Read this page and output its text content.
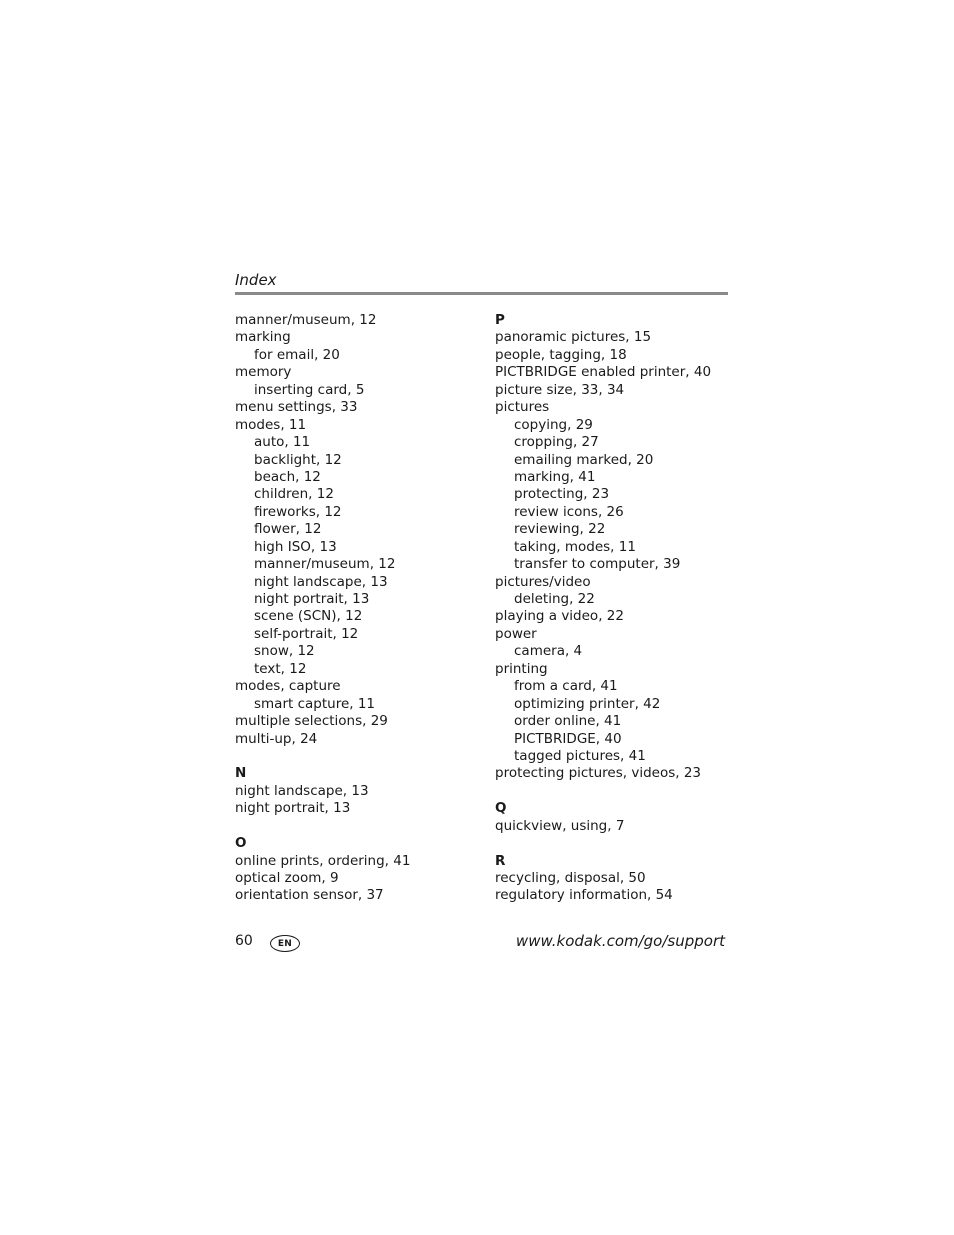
Index
manner/museum, 12
marking
for email, 20
memory
inserting card, 5
menu settings, 33
modes, 11
auto, 11
backlight, 12
beach, 12
children, 12
fireworks, 12
flower, 12
high ISO, 13
manner/museum, 12
night landscape, 13
night portrait, 13
scene (SCN), 12
self-portrait, 12
snow, 12
text, 12
modes, capture
smart capture, 11
multiple selections, 29
multi-up, 24
N
night landscape, 13
night portrait, 13
O
online prints, ordering, 41
optical zoom, 9
orientation sensor, 37
P
panoramic pictures, 15
people, tagging, 18
PICTBRIDGE enabled printer, 40
picture size, 33, 34
pictures
copying, 29
cropping, 27
emailing marked, 20
marking, 41
protecting, 23
review icons, 26
reviewing, 22
taking, modes, 11
transfer to computer, 39
pictures/video
deleting, 22
playing a video, 22
power
camera, 4
printing
from a card, 41
optimizing printer, 42
order online, 41
PICTBRIDGE, 40
tagged pictures, 41
protecting pictures, videos, 23
Q
quickview, using, 7
R
recycling, disposal, 50
regulatory information, 54
60	EN	www.kodak.com/go/support
